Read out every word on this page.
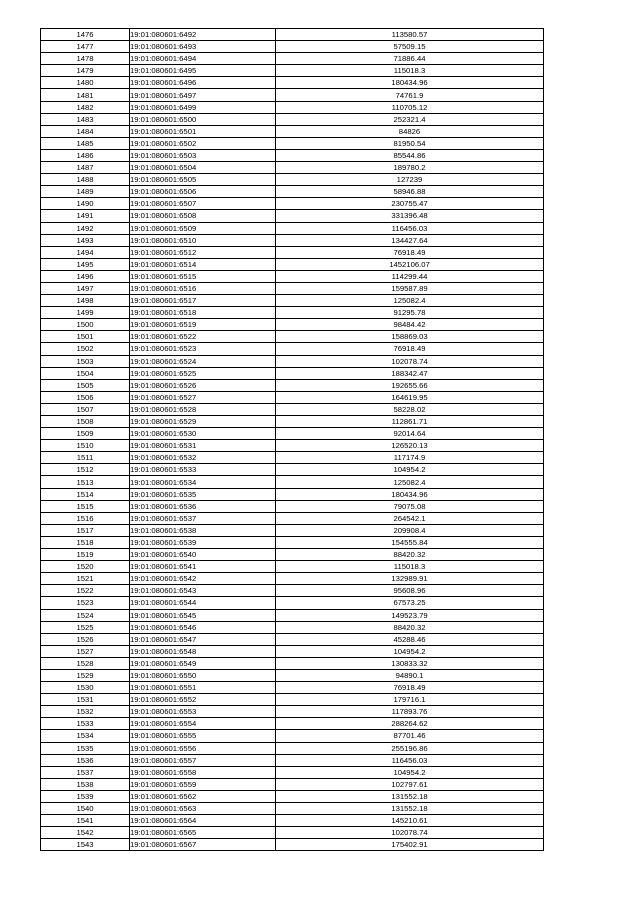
1476	19:01:080601:6492	113580.57
1477	19:01:080601:6493	57509.15
1478	19:01:080601:6494	71886.44
1479	19:01:080601:6495	115018.3
1480	19:01:080601:6496	180434.96
1481	19:01:080601:6497	74761.9
1482	19:01:080601:6499	110705.12
1483	19:01:080601:6500	252321.4
1484	19:01:080601:6501	84826
1485	19:01:080601:6502	81950.54
1486	19:01:080601:6503	85544.86
1487	19:01:080601:6504	189780.2
1488	19:01:080601:6505	127239
1489	19:01:080601:6506	58946.88
1490	19:01:080601:6507	230755.47
1491	19:01:080601:6508	331396.48
1492	19:01:080601:6509	116456.03
1493	19:01:080601:6510	134427.64
1494	19:01:080601:6512	76918.49
1495	19:01:080601:6514	1452106.07
1496	19:01:080601:6515	114299.44
1497	19:01:080601:6516	159587.89
1498	19:01:080601:6517	125082.4
1499	19:01:080601:6518	91295.78
1500	19:01:080601:6519	98484.42
1501	19:01:080601:6522	158869.03
1502	19:01:080601:6523	76918.49
1503	19:01:080601:6524	102078.74
1504	19:01:080601:6525	188342.47
1505	19:01:080601:6526	192655.66
1506	19:01:080601:6527	164619.95
1507	19:01:080601:6528	58228.02
1508	19:01:080601:6529	112861.71
1509	19:01:080601:6530	92014.64
1510	19:01:080601:6531	126520.13
1511	19:01:080601:6532	117174.9
1512	19:01:080601:6533	104954.2
1513	19:01:080601:6534	125082.4
1514	19:01:080601:6535	180434.96
1515	19:01:080601:6536	79075.08
1516	19:01:080601:6537	264542.1
1517	19:01:080601:6538	209908.4
1518	19:01:080601:6539	154555.84
1519	19:01:080601:6540	88420.32
1520	19:01:080601:6541	115018.3
1521	19:01:080601:6542	132989.91
1522	19:01:080601:6543	95608.96
1523	19:01:080601:6544	67573.25
1524	19:01:080601:6545	149523.79
1525	19:01:080601:6546	88420.32
1526	19:01:080601:6547	45288.46
1527	19:01:080601:6548	104954.2
1528	19:01:080601:6549	130833.32
1529	19:01:080601:6550	94890.1
1530	19:01:080601:6551	76918.49
1531	19:01:080601:6552	179716.1
1532	19:01:080601:6553	117893.76
1533	19:01:080601:6554	288264.62
1534	19:01:080601:6555	87701.46
1535	19:01:080601:6556	255196.86
1536	19:01:080601:6557	116456.03
1537	19:01:080601:6558	104954.2
1538	19:01:080601:6559	102797.61
1539	19:01:080601:6562	131552.18
1540	19:01:080601:6563	131552.18
1541	19:01:080601:6564	145210.61
1542	19:01:080601:6565	102078.74
1543	19:01:080601:6567	175402.91
